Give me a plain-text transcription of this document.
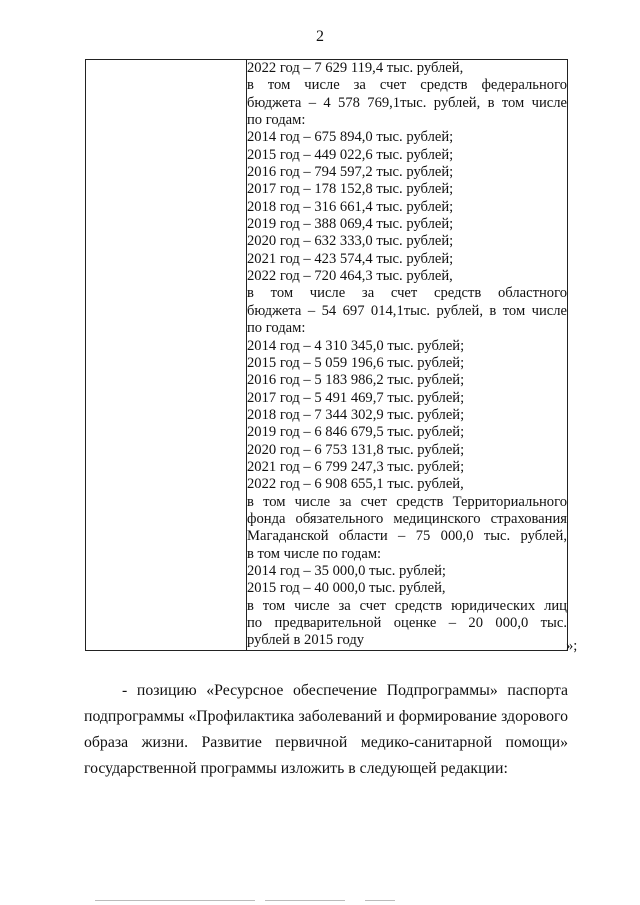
2

2022 год – 7 629 119,4 тыс. рублей,
в том числе за счет средств федерального
бюджета – 4 578 769,1тыс. рублей, в том числе
по годам:
2014 год – 675 894,0 тыс. рублей;
2015 год – 449 022,6 тыс. рублей;
2016 год – 794 597,2 тыс. рублей;
2017 год – 178 152,8 тыс. рублей;
2018 год – 316 661,4 тыс. рублей;
2019 год – 388 069,4 тыс. рублей;
2020 год – 632 333,0 тыс. рублей;
2021 год – 423 574,4 тыс. рублей;
2022 год – 720 464,3 тыс. рублей,
в том числе за счет средств областного
бюджета – 54 697 014,1тыс. рублей, в том числе
по годам:
2014 год – 4 310 345,0 тыс. рублей;
2015 год – 5 059 196,6 тыс. рублей;
2016 год – 5 183 986,2 тыс. рублей;
2017 год – 5 491 469,7 тыс. рублей;
2018 год – 7 344 302,9 тыс. рублей;
2019 год – 6 846 679,5 тыс. рублей;
2020 год – 6 753 131,8 тыс. рублей;
2021 год – 6 799 247,3 тыс. рублей;
2022 год – 6 908 655,1 тыс. рублей,
в том числе за счет средств Территориального
фонда обязательного медицинского страхования
Магаданской области – 75 000,0 тыс. рублей,
в том числе по годам:
2014 год – 35 000,0 тыс. рублей;
2015 год – 40 000,0 тыс. рублей,
в том числе за счет средств юридических лиц
по предварительной оценке – 20 000,0 тыс.
рублей в 2015 году	»;
- позицию «Ресурсное обеспечение Подпрограммы» паспорта
подпрограммы «Профилактика заболеваний и формирование здорового
образа жизни. Развитие первичной медико-санитарной помощи»
государственной программы изложить в следующей редакции:
